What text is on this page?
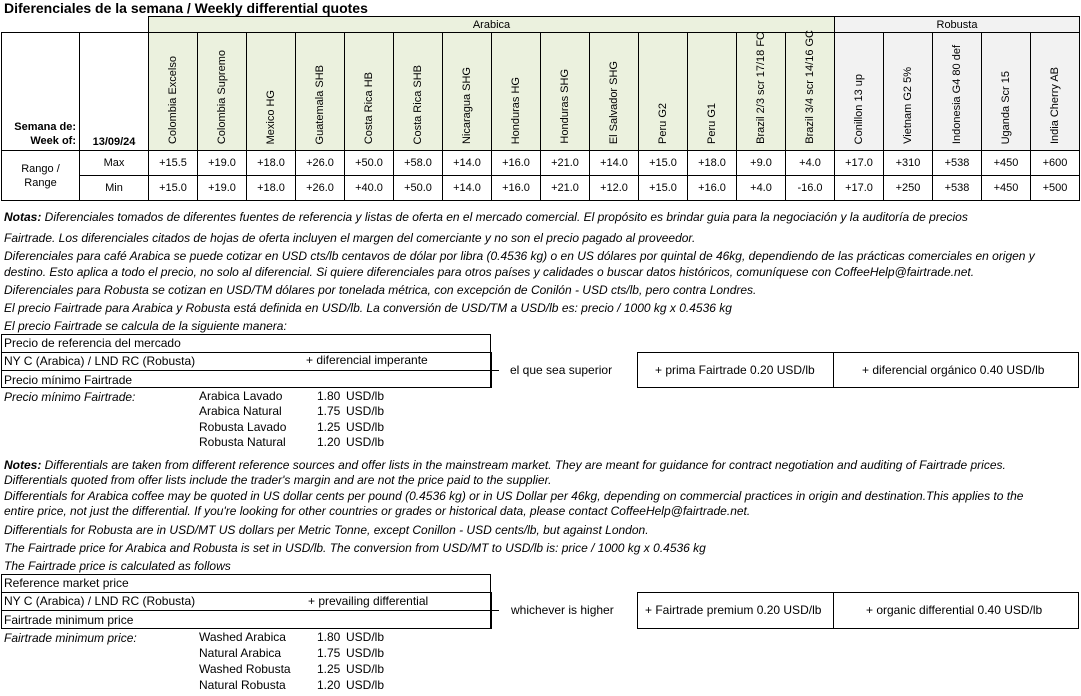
Diferenciales de la semana / Weekly differential quotes
		Arabica														Robusta				

Semana de:
Week of:	13/09/24	Colombia Excelso	Colombia Supremo	Mexico HG	Guatemala SHB	Costa Rica HB	Costa Rica SHB	Nicaragua SHG	Honduras HG	Honduras SHG	El Salvador SHG	Peru G2	Peru G1	Brazil 2/3 scr 17/18 FC	Brazil 3/4 scr 14/16 GC	Conillon 13 up	Vietnam G2 5%	Indonesia G4 80 def	Uganda Scr 15	India Cherry AB

Rango /
Range	Max	+15.5	+19.0	+18.0	+26.0	+50.0	+58.0	+14.0	+16.0	+21.0	+14.0	+15.0	+18.0	+9.0	+4.0	+17.0	+310	+538	+450	+600
	Min	+15.0	+19.0	+18.0	+26.0	+40.0	+50.0	+14.0	+16.0	+21.0	+12.0	+15.0	+16.0	+4.0	-16.0	+17.0	+250	+538	+450	+500
Notas: Diferenciales tomados de diferentes fuentes de referencia y listas de oferta en el mercado comercial. El propósito es brindar guia para la negociación y la auditoría de precios
Fairtrade. Los diferenciales citados de hojas de oferta incluyen el margen del comerciante y no son el precio pagado al proveedor.
Diferenciales para café Arabica se puede cotizar en USD cts/lb centavos de dólar por libra (0.4536 kg) o en US dólares por quintal de 46kg, dependiendo de las prácticas comerciales en origen y
destino. Esto aplica a todo el precio, no solo al diferencial. Si quiere diferenciales para otros países y calidades o buscar datos históricos, comuníquese con CoffeeHelp@fairtrade.net.
Diferenciales para Robusta se cotizan en USD/TM dólares por tonelada métrica, con excepción de Conilón - USD cts/lb, pero contra Londres.
El precio Fairtrade para Arabica y Robusta está definida en USD/lb. La conversión de USD/TM a USD/lb es: precio / 1000 kg x 0.4536 kg
El precio Fairtrade se calcula de la siguiente manera:
Precio de referencia del mercado
NY C (Arabica) / LND RC (Robusta)	+ diferencial imperante
Precio mínimo Fairtrade
el que sea superior	+ prima Fairtrade 0.20 USD/lb	+ diferencial orgánico 0.40 USD/lb
Precio mínimo Fairtrade:	Arabica Lavado	1.80 USD/lb
Arabica Natural	1.75 USD/lb
Robusta Lavado	1.25 USD/lb
Robusta Natural	1.20 USD/lb
Notes: Differentials are taken from different reference sources and offer lists in the mainstream market. They are meant for guidance for contract negotiation and auditing of Fairtrade prices.
Differentials quoted from offer lists include the trader's margin and are not the price paid to the supplier.
Differentials for Arabica coffee may be quoted in US dollar cents per pound (0.4536 kg) or in US Dollar per 46kg, depending on commercial practices in origin and destination.This applies to the
entire price, not just the differential. If you're looking for other countries or grades or historical data, please contact CoffeeHelp@fairtrade.net.
Differentials for Robusta are in USD/MT US dollars per Metric Tonne, except Conillon - USD cents/lb, but against London.
The Fairtrade price for Arabica and Robusta is set in USD/lb. The conversion from USD/MT to USD/lb is: price / 1000 kg x 0.4536 kg
The Fairtrade price is calculated as follows
Reference market price
NY C (Arabica) / LND RC (Robusta)	+ prevailing differential
Fairtrade minimum price
whichever is higher	+ Fairtrade premium 0.20 USD/lb	+ organic differential 0.40 USD/lb
Fairtrade minimum price:	Washed Arabica	1.80 USD/lb
Natural Arabica	1.75 USD/lb
Washed Robusta 1.25 USD/lb
Natural Robusta	1.20 USD/lb
